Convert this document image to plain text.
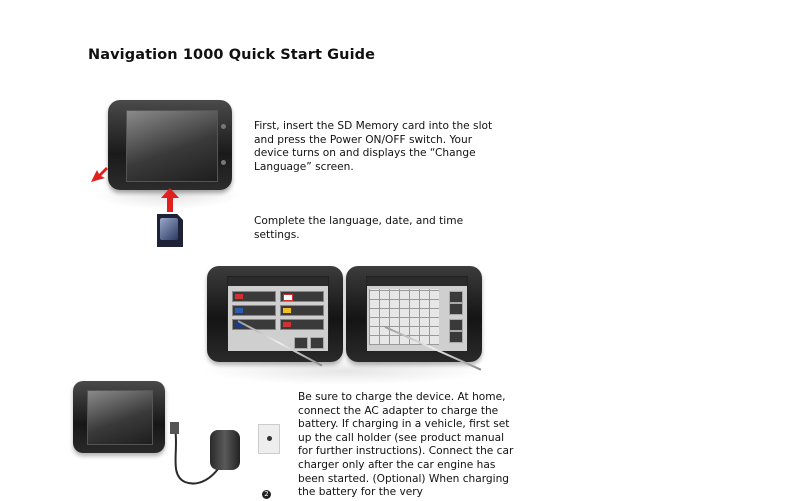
Navigation 1000 Quick Start Guide
First, insert the SD Memory card into the slot and press the Power ON/OFF switch. Your device turns on and displays the “Change Language” screen.
Complete the language, date, and time settings.
2
Be sure to charge the device. At home, connect the AC adapter to charge the battery. If charging in a vehicle, first set up the call holder (see product manual for further instructions). Connect the car charger only after the car engine has been started. (Optional) When charging the battery for the very
